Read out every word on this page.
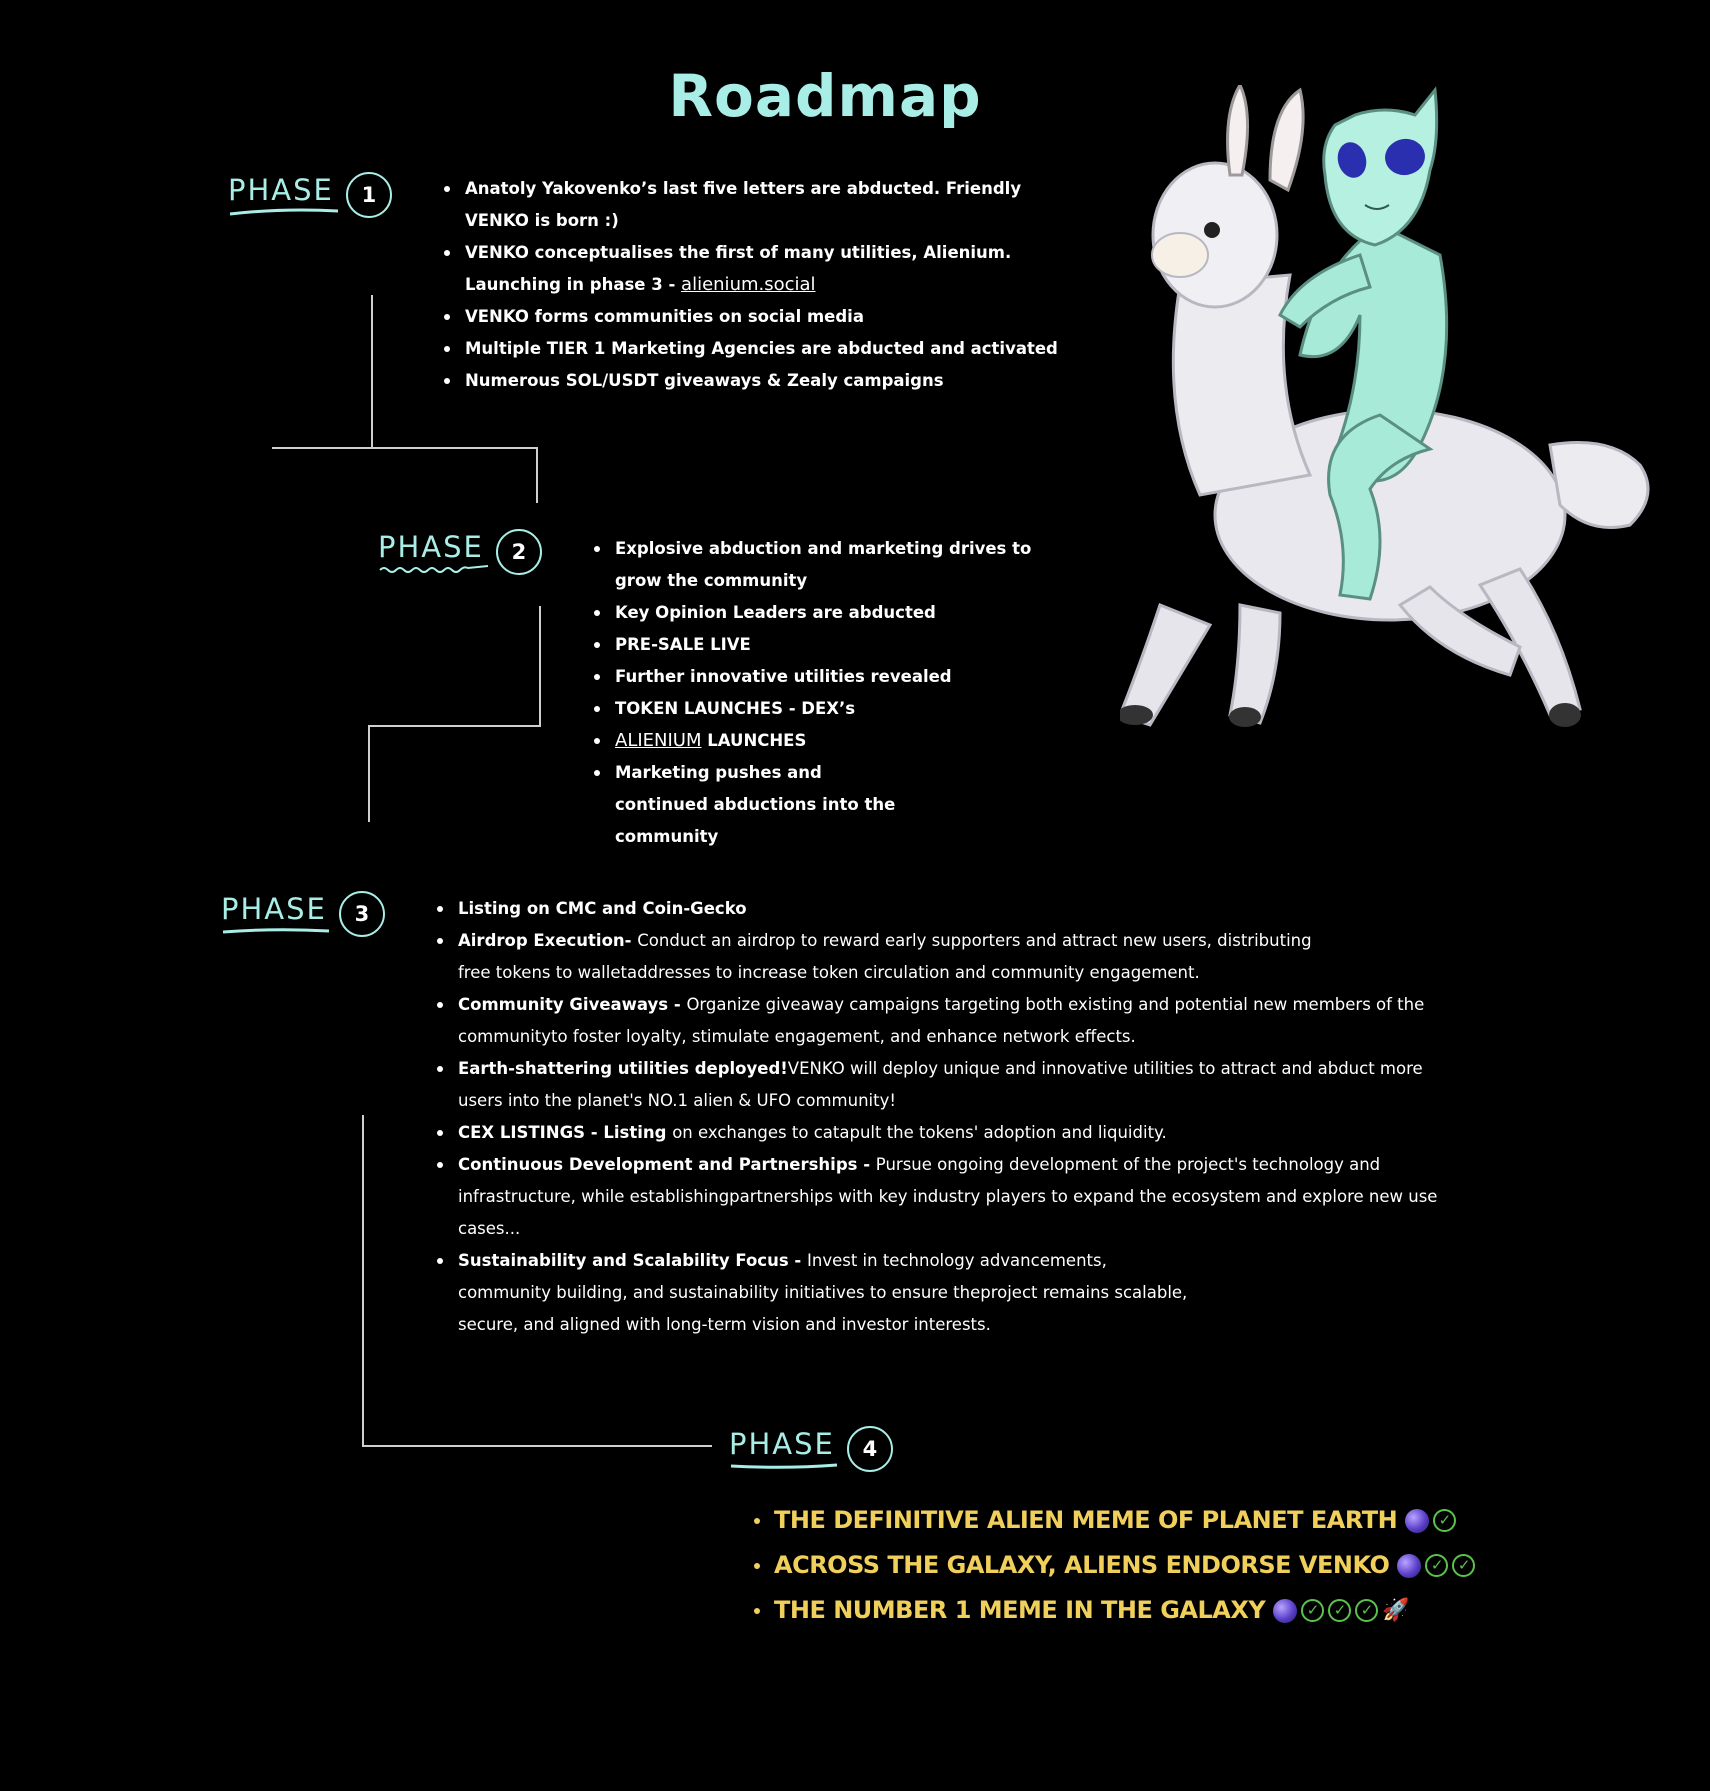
Roadmap
PHASE	1	Anatoly Yakovenko’s last five letters are abducted. Friendly VENKO is born :)
VENKO conceptualises the first of many utilities, Alienium.
Launching in phase 3 - alienium.social
VENKO forms communities on social media
Multiple TIER 1 Marketing Agencies are abducted and activated
Numerous SOL/USDT giveaways & Zealy campaigns
PHASE	2	Explosive abduction and marketing drives to grow the community
Key Opinion Leaders are abducted
PRE-SALE LIVE
Further innovative utilities revealed
TOKEN LAUNCHES - DEX’s
ALIENIUM LAUNCHES
Marketing pushes and continued abductions into the community
PHASE	3	Listing on CMC and Coin-Gecko
Airdrop Execution- Conduct an airdrop to reward early supporters and attract new users, distributing free tokens to walletaddresses to increase token circulation and community engagement.
Community Giveaways - Organize giveaway campaigns targeting both existing and potential new members of the communityto foster loyalty, stimulate engagement, and enhance network effects.
Earth-shattering utilities deployed!VENKO will deploy unique and innovative utilities to attract and abduct more users into the planet's NO.1 alien & UFO community!
CEX LISTINGS - Listing on exchanges to catapult the tokens' adoption and liquidity.
Continuous Development and Partnerships - Pursue ongoing development of the project's technology and infrastructure, while establishingpartnerships with key industry players to expand the ecosystem and explore new use cases...
Sustainability and Scalability Focus - Invest in technology advancements, community building, and sustainability initiatives to ensure theproject remains scalable, secure, and aligned with long-term vision and investor interests.
PHASE	4
THE DEFINITIVE ALIEN MEME OF PLANET EARTH	✓
ACROSS THE GALAXY, ALIENS ENDORSE VENKO	✓ ✓
THE NUMBER 1 MEME IN THE GALAXY	✓ ✓ ✓ 🚀
